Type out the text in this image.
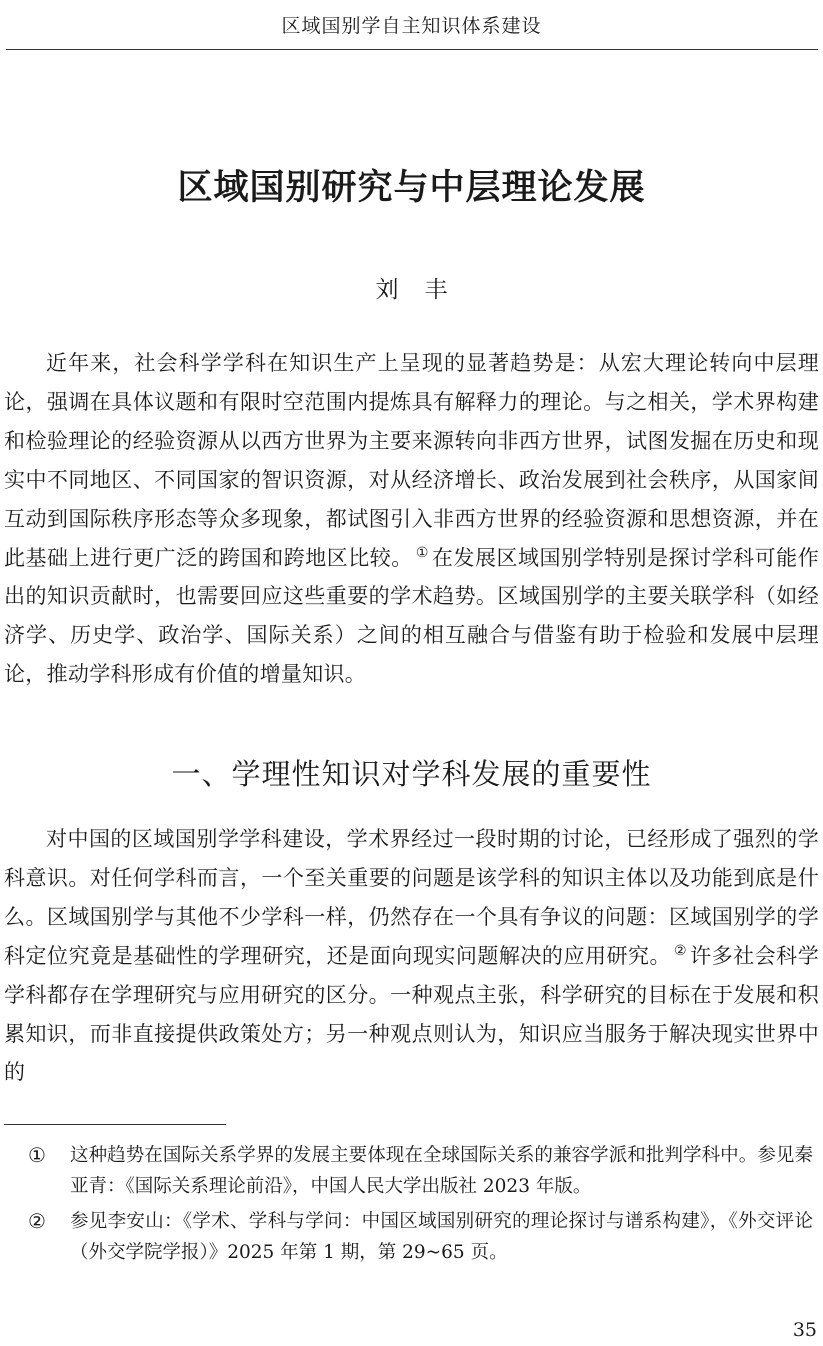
区域国别学自主知识体系建设
区域国别研究与中层理论发展
刘丰

近年来，社会科学学科在知识生产上呈现的显著趋势是：从宏大理论转向中层理论，强调在具体议题和有限时空范围内提炼具有解释力的理论。与之相关，学术界构建和检验理论的经验资源从以西方世界为主要来源转向非西方世界，试图发掘在历史和现实中不同地区、不同国家的智识资源，对从经济增长、政治发展到社会秩序，从国家间互动到国际秩序形态等众多现象，都试图引入非西方世界的经验资源和思想资源，并在此基础上进行更广泛的跨国和跨地区比较。 ① 在发展区域国别学特别是探讨学科可能作出的知识贡献时，也需要回应这些重要的学术趋势。区域国别学的主要关联学科（如经济学、历史学、政治学、国际关系）之间的相互融合与借鉴有助于检验和发展中层理论，推动学科形成有价值的增量知识。

一、学理性知识对学科发展的重要性

对中国的区域国别学学科建设，学术界经过一段时期的讨论，已经形成了强烈的学科意识。对任何学科而言，一个至关重要的问题是该学科的知识主体以及功能到底是什么。区域国别学与其他不少学科一样，仍然存在一个具有争议的问题：区域国别学的学科定位究竟是基础性的学理研究，还是面向现实问题解决的应用研究。 ② 许多社会科学学科都存在学理研究与应用研究的区分。一种观点主张，科学研究的目标在于发展和积累知识，而非直接提供政策处方；另一种观点则认为，知识应当服务于解决现实世界中的

① 这种趋势在国际关系学界的发展主要体现在全球国际关系的兼容学派和批判学科中。参见秦亚青：《国际关系理论前沿》，中国人民大学出版社 2023 年版。

② 参见李安山：《学术、学科与学问：中国区域国别研究的理论探讨与谱系构建》，《外交评论（外交学院学报）》2025 年第 1 期，第 29~65 页。

35
